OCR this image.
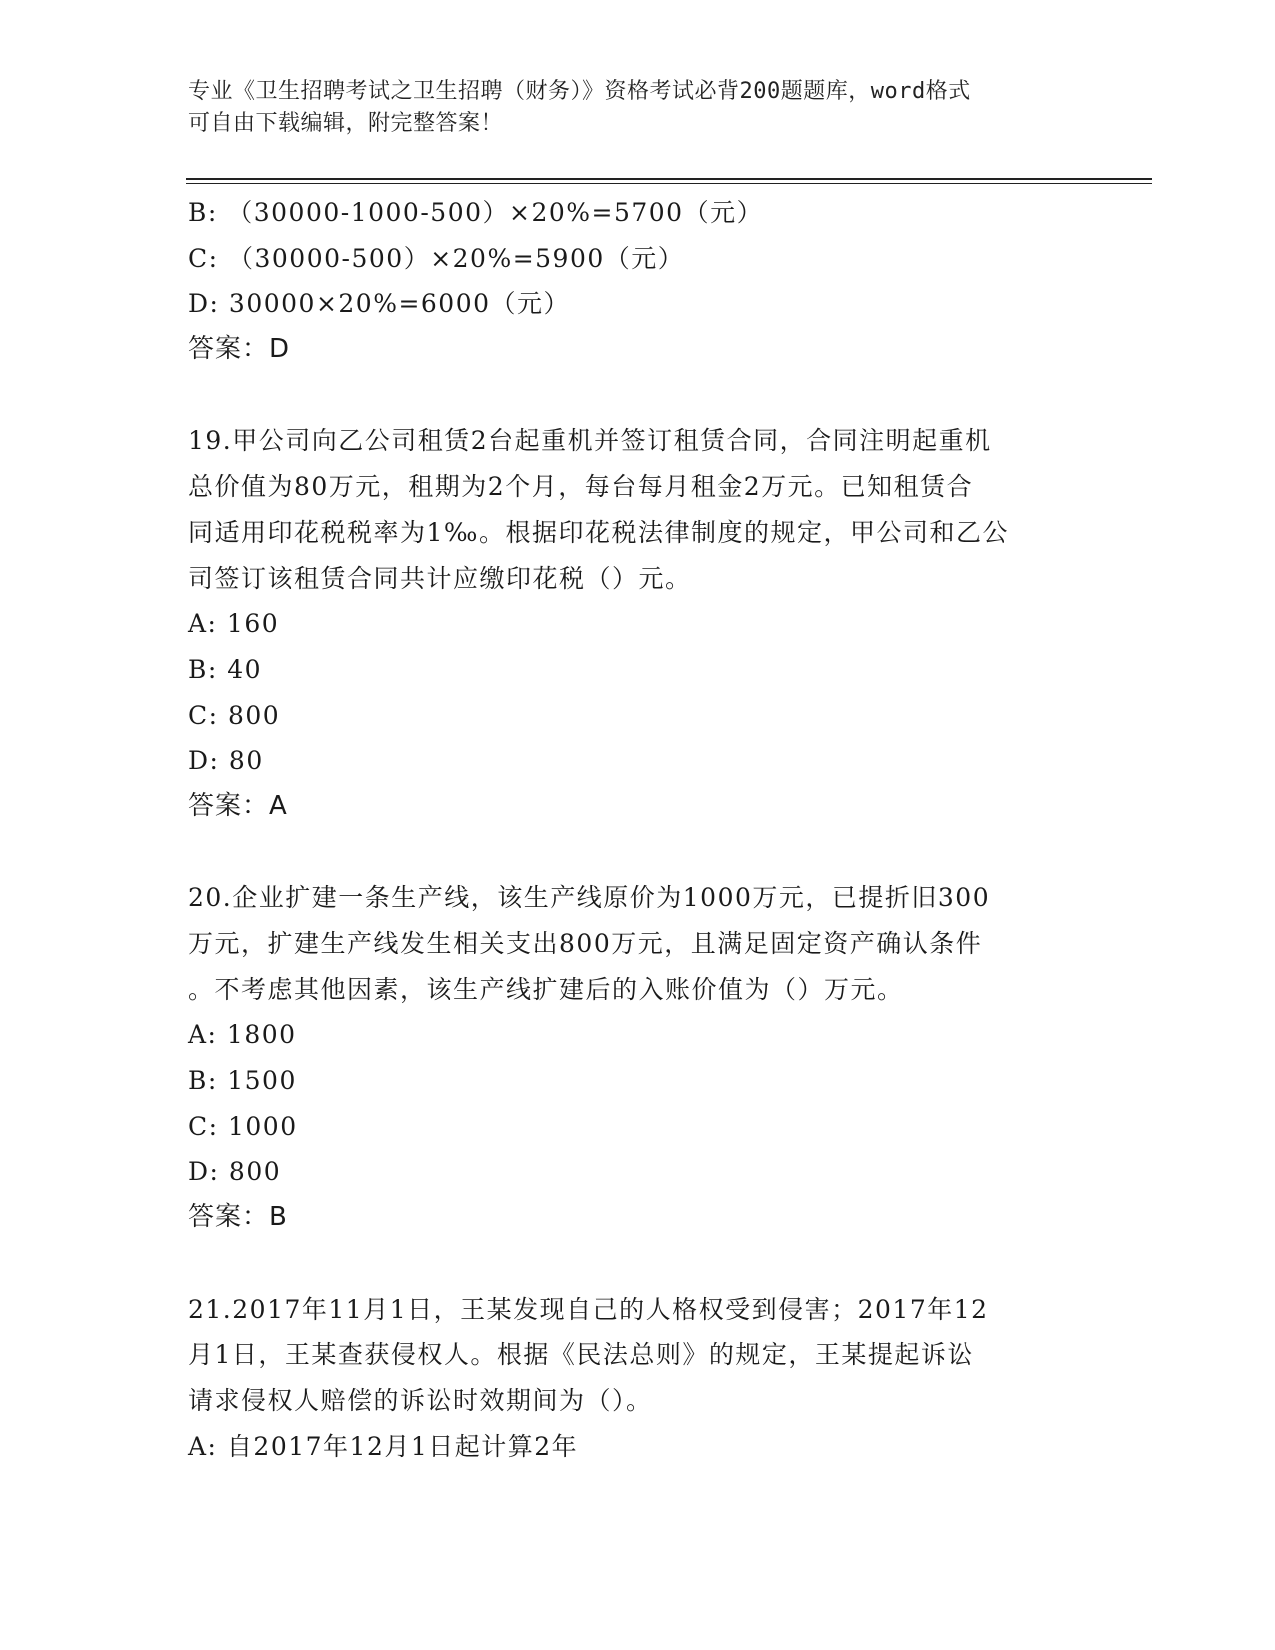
专业《卫生招聘考试之卫生招聘（财务）》资格考试必背200题题库，word格式
可自由下载编辑，附完整答案！
B: （30000-1000-500）×20%=5700（元）
C: （30000-500）×20%=5900（元）
D: 30000×20%=6000（元）
答案：D
19.甲公司向乙公司租赁2台起重机并签订租赁合同，合同注明起重机
总价值为80万元，租期为2个月，每台每月租金2万元。已知租赁合
同适用印花税税率为1‰。根据印花税法律制度的规定，甲公司和乙公
司签订该租赁合同共计应缴印花税（）元。
A: 160
B: 40
C: 800
D: 80
答案：A
20.企业扩建一条生产线，该生产线原价为1000万元，已提折旧300
万元，扩建生产线发生相关支出800万元，且满足固定资产确认条件
。不考虑其他因素，该生产线扩建后的入账价值为（）万元。
A: 1800
B: 1500
C: 1000
D: 800
答案：B
21.2017年11月1日，王某发现自己的人格权受到侵害；2017年12
月1日，王某查获侵权人。根据《民法总则》的规定，王某提起诉讼
请求侵权人赔偿的诉讼时效期间为（）。
A: 自2017年12月1日起计算2年
